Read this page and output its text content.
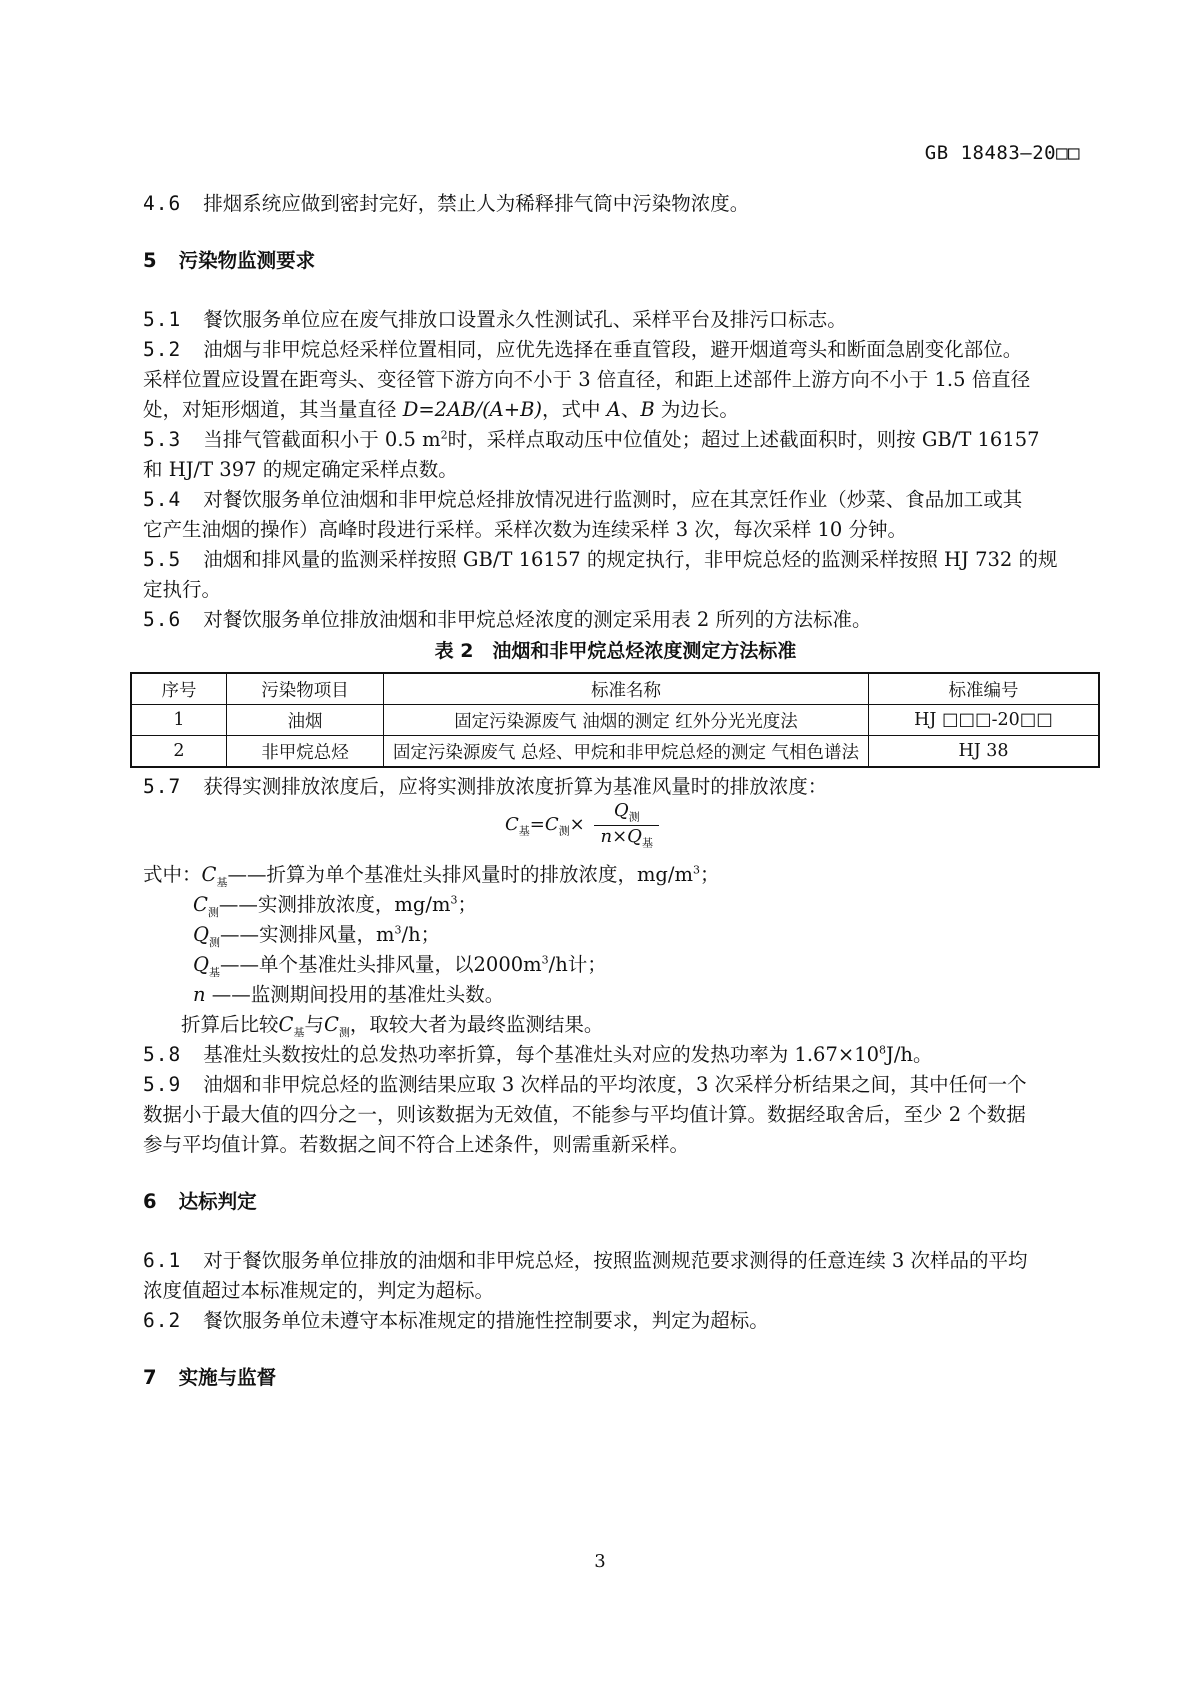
GB 18483—20□□
4.6 排烟系统应做到密封完好，禁止人为稀释排气筒中污染物浓度。
5 污染物监测要求
5.1 餐饮服务单位应在废气排放口设置永久性测试孔、采样平台及排污口标志。
5.2 油烟与非甲烷总烃采样位置相同，应优先选择在垂直管段，避开烟道弯头和断面急剧变化部位。
采样位置应设置在距弯头、变径管下游方向不小于 3 倍直径，和距上述部件上游方向不小于 1.5 倍直径
处，对矩形烟道，其当量直径 D=2AB/(A+B)，式中 A、B 为边长。
5.3 当排气管截面积小于 0.5 $m^2$时，采样点取动压中位值处；超过上述截面积时，则按 GB/T 16157
和 HJ/T 397 的规定确定采样点数。
5.4 对餐饮服务单位油烟和非甲烷总烃排放情况进行监测时，应在其烹饪作业（炒菜、食品加工或其
它产生油烟的操作）高峰时段进行采样。采样次数为连续采样 3 次，每次采样 10 分钟。
5.5 油烟和排风量的监测采样按照 GB/T 16157 的规定执行，非甲烷总烃的监测采样按照 HJ 732 的规
定执行。
5.6 对餐饮服务单位排放油烟和非甲烷总烃浓度的测定采用表 2 所列的方法标准。
表 2　油烟和非甲烷总烃浓度测定方法标准
序号	污染物项目	标准名称	标准编号
1	油烟	固定污染源废气 油烟的测定 红外分光光度法	HJ □□□-20□□
2	非甲烷总烃	固定污染源废气 总烃、甲烷和非甲烷总烃的测定 气相色谱法	HJ 38
5.7 获得实测排放浓度后，应将实测排放浓度折算为基准风量时的排放浓度：
$C_基=C_测\times \frac{Q_测}{n\times Q_基}$
式中：$C_基——$折算为单个基准灶头排风量时的排放浓度，$mg/m^3$；
$C_测——$实测排放浓度，$mg/m^3$；
$Q_测——$实测排风量，$m^3/h$；
$Q_基——$单个基准灶头排风量，以$2000m^3/h$计；
n ——监测期间投用的基准灶头数。
折算后比较$C_基$与$C_测$，取较大者为最终监测结果。
5.8 基准灶头数按灶的总发热功率折算，每个基准灶头对应的发热功率为 $1.67\times 10^8J/h$。
5.9 油烟和非甲烷总烃的监测结果应取 3 次样品的平均浓度，3 次采样分析结果之间，其中任何一个
数据小于最大值的四分之一，则该数据为无效值，不能参与平均值计算。数据经取舍后，至少 2 个数据
参与平均值计算。若数据之间不符合上述条件，则需重新采样。
6 达标判定
6.1 对于餐饮服务单位排放的油烟和非甲烷总烃，按照监测规范要求测得的任意连续 3 次样品的平均
浓度值超过本标准规定的，判定为超标。
6.2 餐饮服务单位未遵守本标准规定的措施性控制要求，判定为超标。
7 实施与监督
3
